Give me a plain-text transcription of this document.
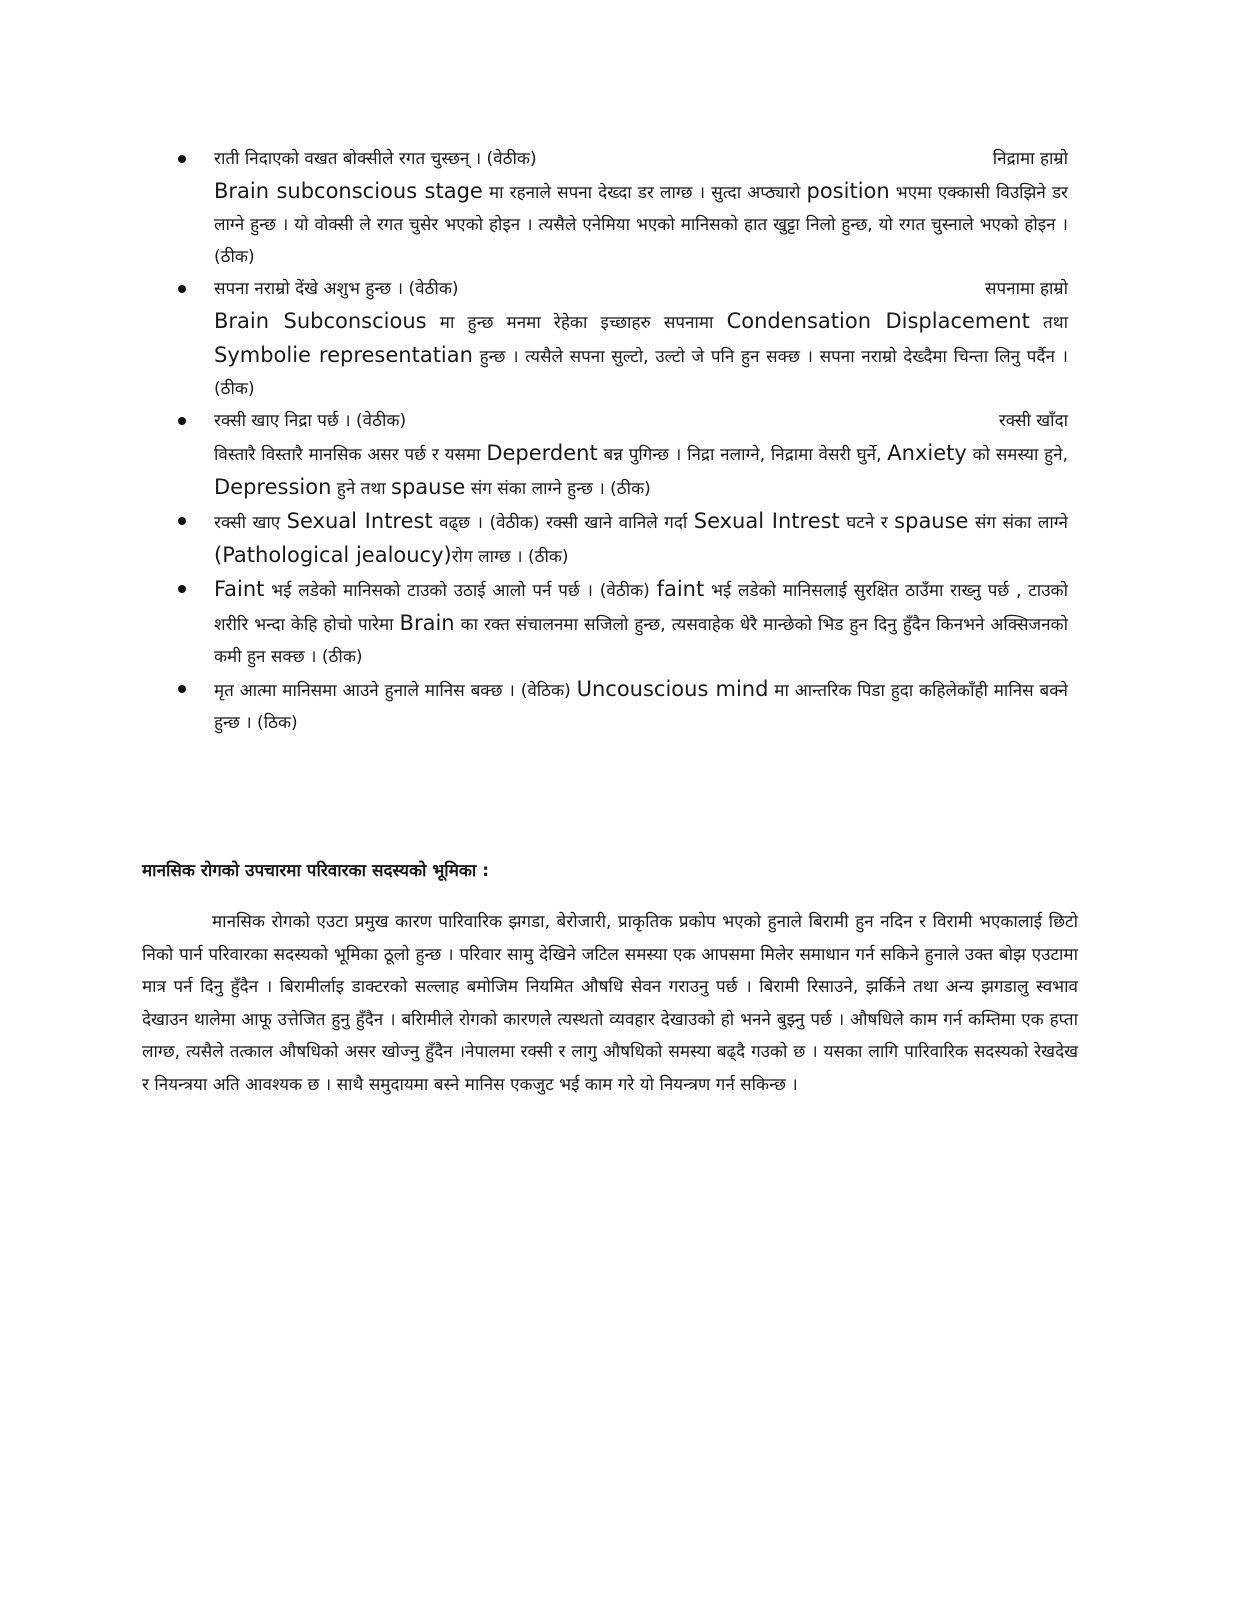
राती निदाएको वखत बोक्सीले रगत चुस्छन् । (वेठीक)	निद्रामा हाम्रो
Brain subconscious stage मा रहनाले सपना देख्दा डर लाग्छ । सुत्दा अप्ठ्यारो position भएमा एक्कासी विउझिने डर लाग्ने हुन्छ । यो वोक्सी ले रगत चुसेर भएको होइन । त्यसैले एनेमिया भएको मानिसको हात खुट्टा निलो हुन्छ, यो रगत चुस्नाले भएको होइन । (ठीक)
सपना नराम्रो देंखे अशुभ हुन्छ । (वेठीक)	सपनामा हाम्रो
Brain Subconscious मा हुन्छ मनमा रेहेका इच्छाहरु सपनामा Condensation Displacement तथा Symbolie representatian हुन्छ । त्यसैले सपना सुल्टो, उल्टो जे पनि हुन सक्छ । सपना नराम्रो देख्दैमा चिन्ता लिनु पर्दैन । (ठीक)
रक्सी खाए निद्रा पर्छ । (वेठीक)	रक्सी खाँदा
विस्तारै विस्तारै मानसिक असर पर्छ र यसमा Deperdent बन्न पुगिन्छ । निद्रा नलाग्ने, निद्रामा वेसरी घुर्ने, Anxiety को समस्या हुने, Depression हुने तथा spause संग संका लाग्ने हुन्छ । (ठीक)
रक्सी खाए Sexual Intrest वढ्छ । (वेठीक) रक्सी खाने वानिले गर्दा Sexual Intrest घटने र spause संग संका लाग्ने (Pathological jealoucy)रोग लाग्छ । (ठीक)
Faint भई लडेको मानिसको टाउको उठाई आलो पर्न पर्छ । (वेठीक) faint भई लडेको मानिसलाई सुरक्षित ठाउँमा राख्नु पर्छ , टाउको शरीरि भन्दा केहि होचो पारेमा Brain का रक्त संचालनमा सजिलो हुन्छ, त्यसवाहेक धेरै मान्छेको भिड हुन दिनु हुँदैन किनभने अक्सिजनको कमी हुन सक्छ । (ठीक)
मृत आत्मा मानिसमा आउने हुनाले मानिस बक्छ । (वेठिक) Uncouscious mind मा आन्तरिक पिडा हुदा कहिलेकाँही मानिस बक्ने हुन्छ । (ठिक)
मानसिक रोगको उपचारमा परिवारका सदस्यको भूमिका :

मानसिक रोगको एउटा प्रमुख कारण पारिवारिक झगडा, बेरोजारी, प्राकृतिक प्रकोप भएको हुनाले बिरामी हुन नदिन र विरामी भएकालाई छिटो निको पार्न परिवारका सदस्यको भूमिका ठूलो हुन्छ । परिवार सामु देखिने जटिल समस्या एक आपसमा मिलेर समाधान गर्न सकिने हुनाले उक्त बोझ एउटामा मात्र पर्न दिनु हुँदैन । बिरामीर्लाइ डाक्टरको सल्लाह बमोजिम नियमित औषधि सेवन गराउनु पर्छ । बिरामी रिसाउने, झर्किने तथा अन्य झगडालु स्वभाव देखाउन थालेमा आफू उत्तेजित हुनु हुँदैन । बरिामीले रोगको कारणले त्यस्थतो व्यवहार देखाउको हो भनने बुझ्नु पर्छ । औषधिले काम गर्न कम्तिमा एक हप्ता लाग्छ, त्यसैले तत्काल औषधिको असर खोज्नु हुँदैन ।नेपालमा रक्सी र लागु औषधिको समस्या बढ्दै गउको छ । यसका लागि पारिवारिक सदस्यको रेखदेख र नियन्त्रया अति आवश्यक छ । साथै समुदायमा बस्ने मानिस एकजुट भई काम गरे यो नियन्त्रण गर्न सकिन्छ ।
